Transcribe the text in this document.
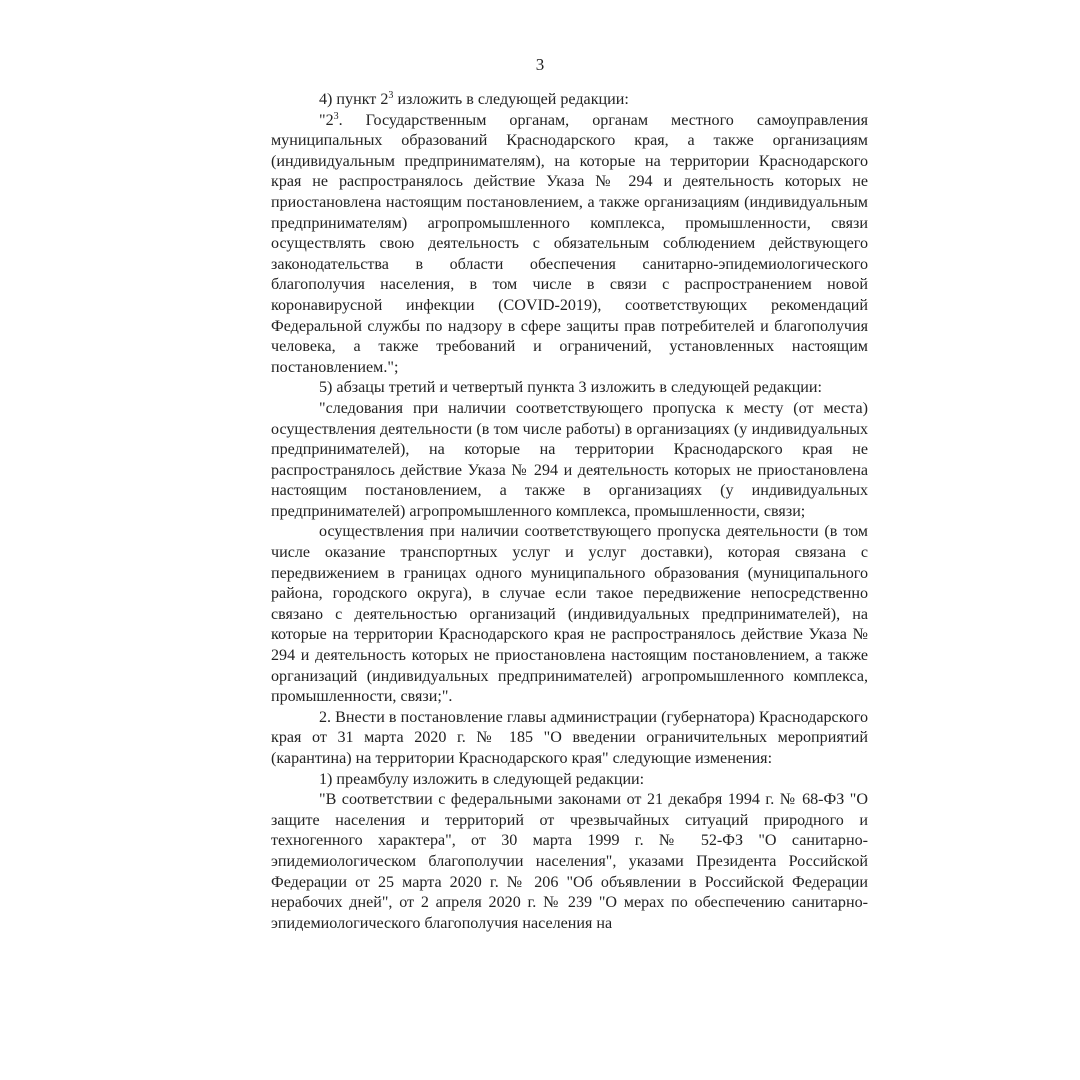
3

4) пункт $2^3$ изложить в следующей редакции:

"$2^3$. Государственным органам, органам местного самоуправления муниципальных образований Краснодарского края, а также организациям (индивидуальным предпринимателям), на которые на территории Краснодарского края не распространялось действие Указа № 294 и деятельность которых не приостановлена настоящим постановлением, а также организациям (индивидуальным предпринимателям) агропромышленного комплекса, промышленности, связи осуществлять свою деятельность с обязательным соблюдением действующего законодательства в области обеспечения санитарно-эпидемиологического благополучия населения, в том числе в связи с распространением новой коронавирусной инфекции (COVID-2019), соответствующих рекомендаций Федеральной службы по надзору в сфере защиты прав потребителей и благополучия человека, а также требований и ограничений, установленных настоящим постановлением.";

5) абзацы третий и четвертый пункта 3 изложить в следующей редакции:

"следования при наличии соответствующего пропуска к месту (от места) осуществления деятельности (в том числе работы) в организациях (у индивидуальных предпринимателей), на которые на территории Краснодарского края не распространялось действие Указа № 294 и деятельность которых не приостановлена настоящим постановлением, а также в организациях (у индивидуальных предпринимателей) агропромышленного комплекса, промышленности, связи;

осуществления при наличии соответствующего пропуска деятельности (в том числе оказание транспортных услуг и услуг доставки), которая связана с передвижением в границах одного муниципального образования (муниципального района, городского округа), в случае если такое передвижение непосредственно связано с деятельностью организаций (индивидуальных предпринимателей), на которые на территории Краснодарского края не распространялось действие Указа № 294 и деятельность которых не приостановлена настоящим постановлением, а также организаций (индивидуальных предпринимателей) агропромышленного комплекса, промышленности, связи;".

2. Внести в постановление главы администрации (губернатора) Краснодарского края от 31 марта 2020 г. № 185 "О введении ограничительных мероприятий (карантина) на территории Краснодарского края" следующие изменения:

1) преамбулу изложить в следующей редакции:

"В соответствии с федеральными законами от 21 декабря 1994 г. № 68-ФЗ "О защите населения и территорий от чрезвычайных ситуаций природного и техногенного характера", от 30 марта 1999 г. № 52-ФЗ "О санитарно-эпидемиологическом благополучии населения", указами Президента Российской Федерации от 25 марта 2020 г. № 206 "Об объявлении в Российской Федерации нерабочих дней", от 2 апреля 2020 г. № 239 "О мерах по обеспечению санитарно-эпидемиологического благополучия населения на
